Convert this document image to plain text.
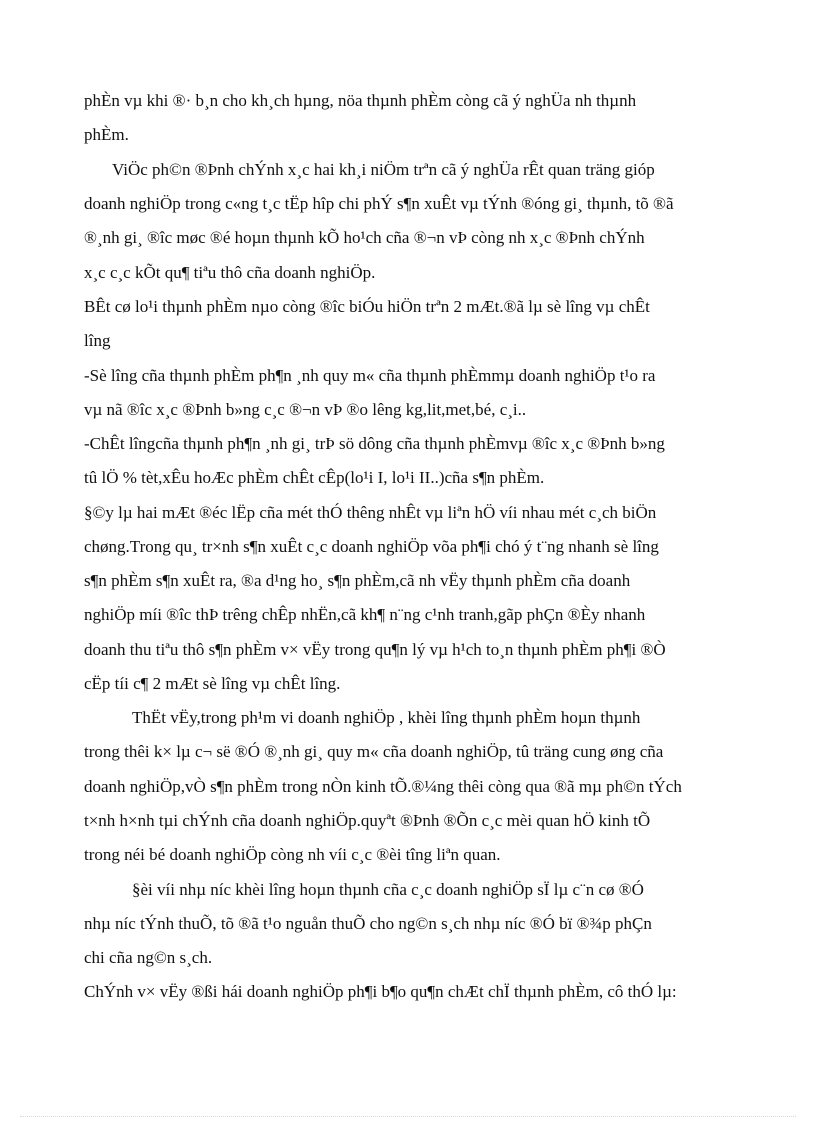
phÈn vµ khi ®· b¸n cho kh¸ch hµng, nöa thµnh phÈm còng cã ý nghÜa nh thµnh
phÈm.
ViÖc ph©n ®Þnh chÝnh x¸c hai kh¸i niÖm trªn cã ý nghÜa rÊt quan träng gióp
doanh nghiÖp trong c«ng t¸c tËp hîp chi phÝ s¶n xuÊt vµ tÝnh ®óng gi¸ thµnh, tõ ®ã
®¸nh gi¸ ®îc møc ®é hoµn thµnh kÕ ho¹ch cña ®¬n vÞ còng nh x¸c ®Þnh chÝnh
x¸c c¸c kÕt qu¶ tiªu thô cña doanh nghiÖp.
BÊt cø lo¹i thµnh phÈm nµo còng ®îc biÓu hiÖn trªn 2 mÆt.®ã lµ sè lîng vµ chÊt
lîng
-Sè lîng cña thµnh phÈm ph¶n ¸nh quy m« cña thµnh phÈmmµ doanh nghiÖp t¹o ra
vµ nã ®îc x¸c ®Þnh b»ng c¸c ®¬n vÞ ®o lêng kg,lit,met,bé, c¸i..
-ChÊt lîngcña thµnh ph¶n ¸nh gi¸ trÞ sö dông cña thµnh phÈmvµ ®îc x¸c ®Þnh b»ng
tû lÖ % tèt,xÊu hoÆc phÈm chÊt cÊp(lo¹i I, lo¹i II..)cña s¶n phÈm.
§©y lµ hai mÆt ®éc lËp cña mét thÓ thêng nhÊt vµ liªn hÖ víi nhau mét c¸ch biÖn
chøng.Trong qu¸ tr×nh s¶n xuÊt c¸c doanh nghiÖp võa ph¶i chó ý t¨ng nhanh sè lîng
s¶n phÈm s¶n xuÊt ra, ®a d¹ng ho¸ s¶n phÈm,cã nh vËy thµnh phÈm cña doanh
nghiÖp míi ®îc thÞ trêng chÊp nhËn,cã kh¶ n¨ng c¹nh tranh,gãp phÇn ®Èy nhanh
doanh thu tiªu thô s¶n phÈm v× vËy trong qu¶n lý vµ h¹ch to¸n thµnh phÈm ph¶i ®Ò
cËp tíi c¶ 2 mÆt sè lîng vµ chÊt lîng.
ThËt vËy,trong ph¹m vi doanh nghiÖp , khèi lîng thµnh phÈm hoµn thµnh
trong thêi k× lµ c¬ së ®Ó ®¸nh gi¸ quy m« cña doanh nghiÖp, tû träng cung øng cña
doanh nghiÖp,vÒ s¶n phÈm trong nÒn kinh tÕ.®¼ng thêi còng qua ®ã mµ ph©n tÝch
t×nh h×nh tµi chÝnh cña doanh nghiÖp.quyªt ®Þnh ®Õn c¸c mèi quan hÖ kinh tÕ
trong néi bé doanh nghiÖp còng nh víi c¸c ®èi tîng liªn quan.
§èi víi nhµ níc khèi lîng hoµn thµnh cña c¸c doanh nghiÖp sÏ lµ c¨n cø ®Ó
nhµ níc tÝnh thuÕ, tõ ®ã t¹o nguån thuÕ cho ng©n s¸ch nhµ níc ®Ó bï ®¾p phÇn
chi cña ng©n s¸ch.
ChÝnh v× vËy ®ßi hái doanh nghiÖp ph¶i b¶o qu¶n chÆt chÏ thµnh phÈm, cô thÓ lµ:
